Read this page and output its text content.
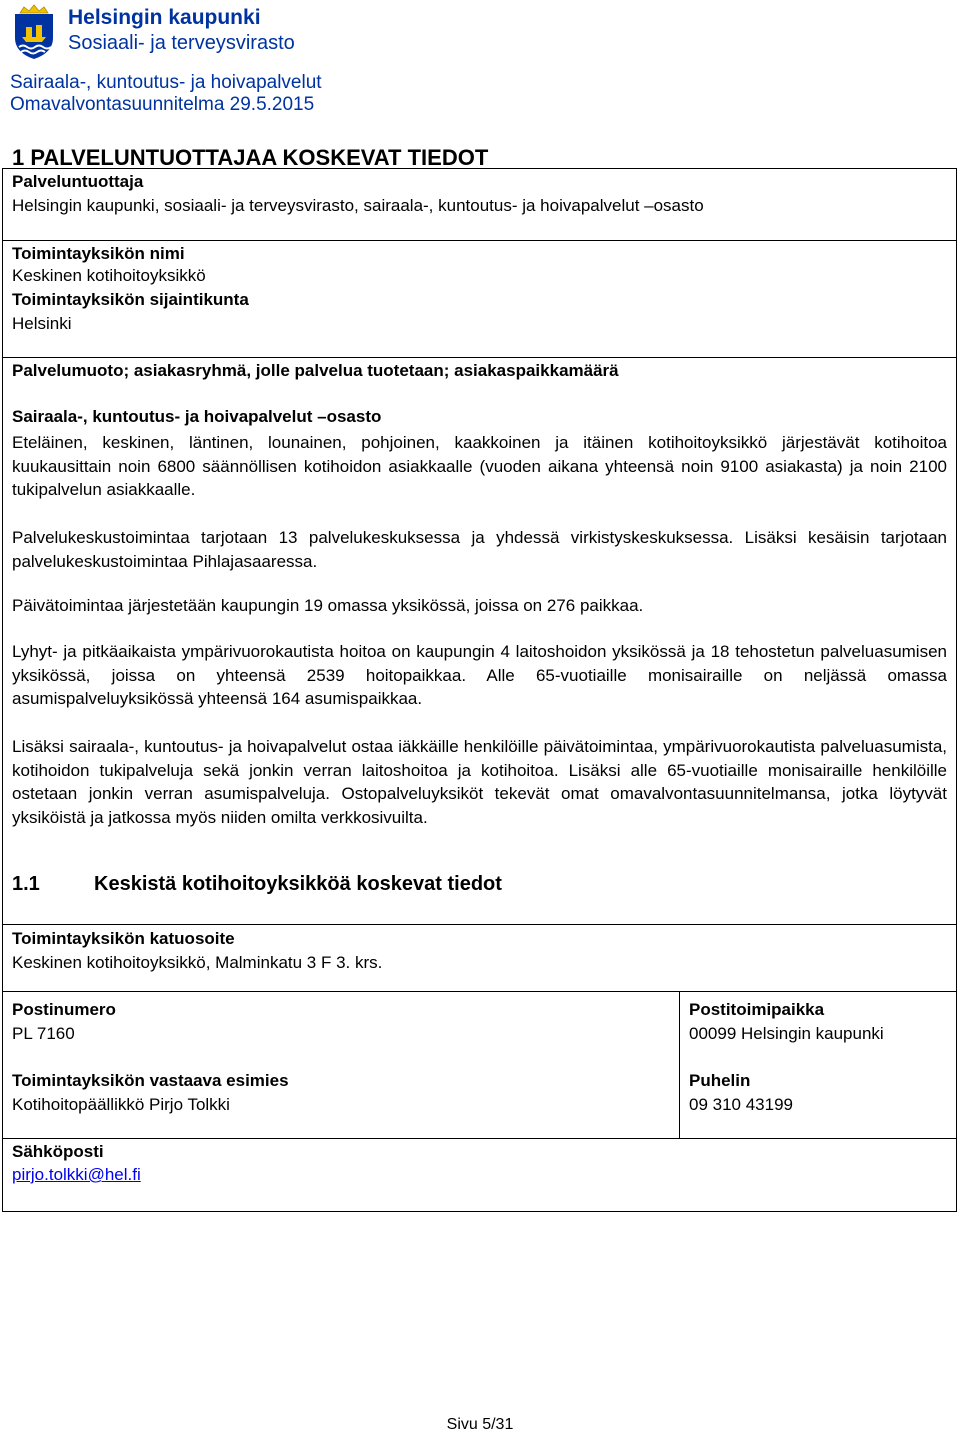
Helsingin kaupunki
Sosiaali- ja terveysvirasto
Sairaala-, kuntoutus- ja hoivapalvelut
Omavalvontasuunnitelma 29.5.2015
1 PALVELUNTUOTTAJAA KOSKEVAT TIEDOT
Palveluntuottaja
Helsingin kaupunki, sosiaali- ja terveysvirasto, sairaala-, kuntoutus- ja hoivapalvelut –osasto
Toimintayksikön nimi
Keskinen kotihoitoyksikkö
Toimintayksikön sijaintikunta
Helsinki
Palvelumuoto; asiakasryhmä, jolle palvelua tuotetaan; asiakaspaikkamäärä
Sairaala-, kuntoutus- ja hoivapalvelut –osasto
Eteläinen, keskinen, läntinen, lounainen, pohjoinen, kaakkoinen ja itäinen kotihoitoyksikkö järjestävät kotihoitoa kuukausittain noin 6800 säännöllisen kotihoidon asiakkaalle (vuoden aikana yhteensä noin 9100 asiakasta) ja noin 2100 tukipalvelun asiakkaalle.
Palvelukeskustoimintaa tarjotaan 13 palvelukeskuksessa ja yhdessä virkistyskeskuksessa. Lisäksi kesäisin tarjotaan palvelukeskustoimintaa Pihlajasaaressa.
Päivätoimintaa järjestetään kaupungin 19 omassa yksikössä, joissa on 276 paikkaa.
Lyhyt- ja pitkäaikaista ympärivuorokautista hoitoa on kaupungin 4 laitoshoidon yksikössä ja 18 tehostetun palveluasumisen yksikössä, joissa on yhteensä 2539 hoitopaikkaa. Alle 65-vuotiaille monisairaille on neljässä omassa asumispalveluyksikössä yhteensä 164 asumispaikkaa.
Lisäksi sairaala-, kuntoutus- ja hoivapalvelut ostaa iäkkäille henkilöille päivätoimintaa, ympärivuorokautista palveluasumista, kotihoidon tukipalveluja sekä jonkin verran laitoshoitoa ja kotihoitoa. Lisäksi alle 65-vuotiaille monisairaille henkilöille ostetaan jonkin verran asumispalveluja. Ostopalveluyksiköt tekevät omat omavalvontasuunnitelmansa, jotka löytyvät yksiköistä ja jatkossa myös niiden omilta verkkosivuilta.
1.1	Keskistä kotihoitoyksikköä koskevat tiedot
Toimintayksikön katuosoite
Keskinen kotihoitoyksikkö, Malminkatu 3 F 3. krs.
Postinumero
PL 7160
Postitoimipaikka
00099 Helsingin kaupunki
Toimintayksikön vastaava esimies
Kotihoitopäällikkö Pirjo Tolkki
Puhelin
09 310 43199
Sähköposti
pirjo.tolkki@hel.fi
Sivu 5/31
